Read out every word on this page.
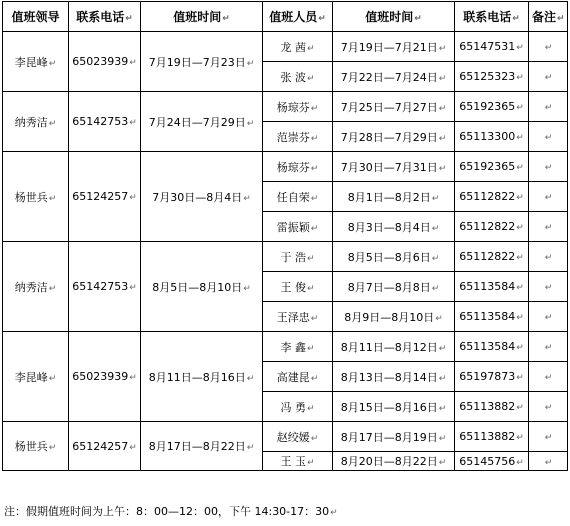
值班领导	联系电话↵	值班时间↵	值班人员↵	值班时间↵	联系电话↵	备注↵
李昆峰↵	65023939↵	7月19日—7月23日↵	龙 茜↵	7月19日—7月21日↵	65147531↵	↵
			张 波↵	7月22日—7月24日↵	65125323↵	↵
纳秀洁↵	65142753↵	7月24日—7月29日↵	杨琼芬↵	7月25日—7月27日↵	65192365↵	↵
			范崇芬↵	7月28日—7月29日↵	65113300↵	↵
杨世兵↵	65124257↵	7月30日—8月4日↵	杨琼芬↵	7月30日—7月31日↵	65192365↵	↵
			任自荣↵	8月1日—8月2日↵	65112822↵	↵
			雷振颖↵	8月3日—8月4日↵	65112822↵	↵
纳秀洁↵	65142753↵	8月5日—8月10日↵	于 浩↵	8月5日—8月6日↵	65112822↵	↵
			王 俊↵	8月7日—8月8日↵	65113584↵	↵
			王泽忠↵	8月9日—8月10日↵	65113584↵	↵
李昆峰↵	65023939↵	8月11日—8月16日↵	李 鑫↵	8月11日—8月12日↵	65113584↵	↵
			高建昆↵	8月13日—8月14日↵	65197873↵	↵
			冯 勇↵	8月15日—8月16日↵	65113882↵	↵
杨世兵↵	65124257↵	8月17日—8月22日↵	赵绞媛↵	8月17日—8月19日↵	65113882↵	↵
			王 玉↵	8月20日—8月22日↵	65145756↵	↵
注：假期值班时间为上午：8：00—12：00，下午 14:30-17：30↵
